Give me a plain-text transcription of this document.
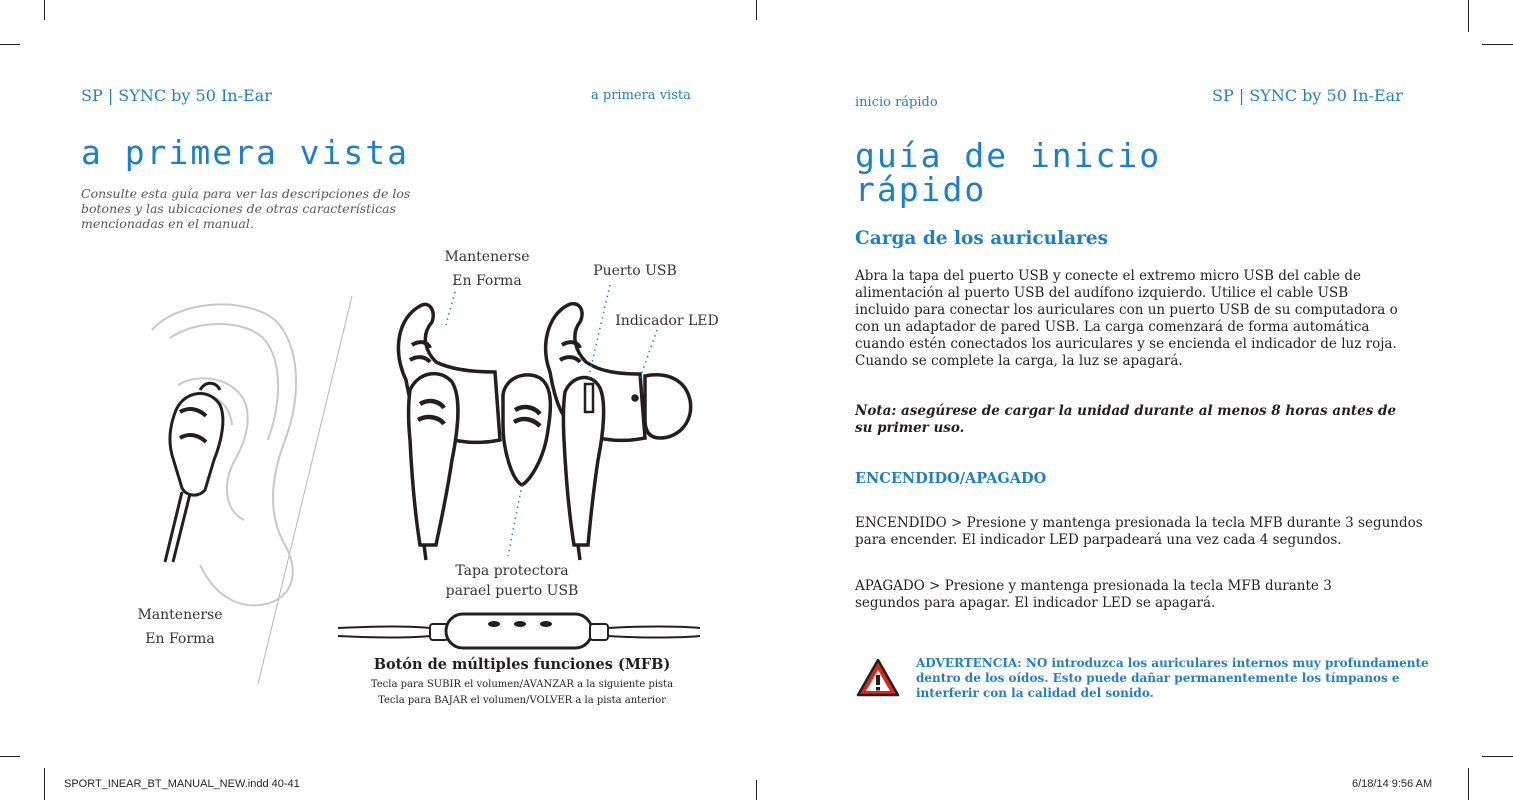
SP | SYNC by 50 In-Ear	a primera vista
a primera vista
Consulte esta guía para ver las descripciones de los botones y las ubicaciones de otras características mencionadas en el manual.
Mantenerse
En Forma
Puerto USB
Indicador LED
Tapa protectora
parael puerto USB
Mantenerse
En Forma
Botón de múltiples funciones (MFB)
Tecla para SUBIR el volumen/AVANZAR a la siguiente pista
Tecla para BAJAR el volumen/VOLVER a la pista anterior
inicio rápido	SP | SYNC by 50 In-Ear
guía de inicio
rápido
Carga de los auriculares
Abra la tapa del puerto USB y conecte el extremo micro USB del cable de alimentación al puerto USB del audífono izquierdo. Utilice el cable USB incluido para conectar los auriculares con un puerto USB de su computadora o con un adaptador de pared USB. La carga comenzará de forma automática cuando estén conectados los auriculares y se encienda el indicador de luz roja. Cuando se complete la carga, la luz se apagará.
Nota: asegúrese de cargar la unidad durante al menos 8 horas antes de su primer uso.
ENCENDIDO/APAGADO
ENCENDIDO > Presione y mantenga presionada la tecla MFB durante 3 segundos para encender. El indicador LED parpadeará una vez cada 4 segundos.
APAGADO > Presione y mantenga presionada la tecla MFB durante 3 segundos para apagar. El indicador LED se apagará.
ADVERTENCIA: NO introduzca los auriculares internos muy profundamente dentro de los oídos. Esto puede dañar permanentemente los tímpanos e interferir con la calidad del sonido.
SPORT_INEAR_BT_MANUAL_NEW.indd 40-41	6/18/14 9:56 AM
